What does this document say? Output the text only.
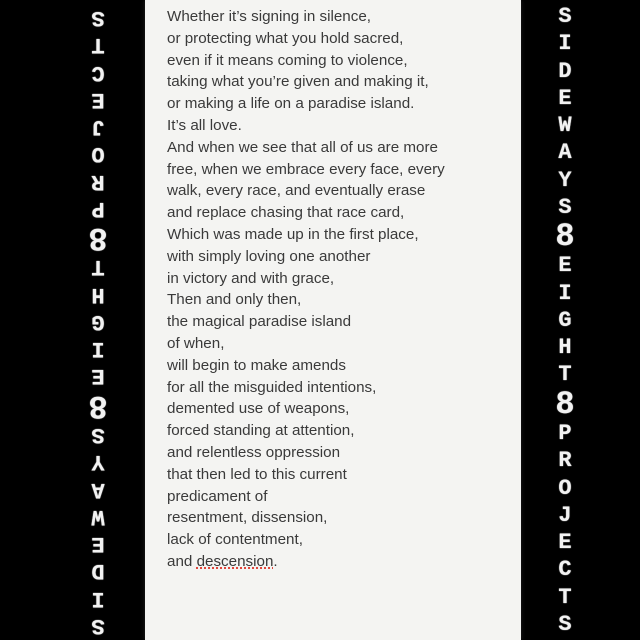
S
T
C
E
J
O
R
P
8
T
H
G
I
E
8
S
Y
A
W
E
D
I
S
Whether it’s signing in silence,
or protecting what you hold sacred,
even if it means coming to violence,
taking what you’re given and making it,
or making a life on a paradise island.
It’s all love.
And when we see that all of us are more
free, when we embrace every face, every
walk, every race, and eventually erase
and replace chasing that race card,
Which was made up in the first place,
with simply loving one another
in victory and with grace,
Then and only then,
the magical paradise island
of when,
will begin to make amends
for all the misguided intentions,
demented use of weapons,
forced standing at attention,
and relentless oppression
that then led to this current
predicament of
resentment, dissension,
lack of contentment,
and descension.
S
I
D
E
W
A
Y
S
8
E
I
G
H
T
8
P
R
O
J
E
C
T
S
